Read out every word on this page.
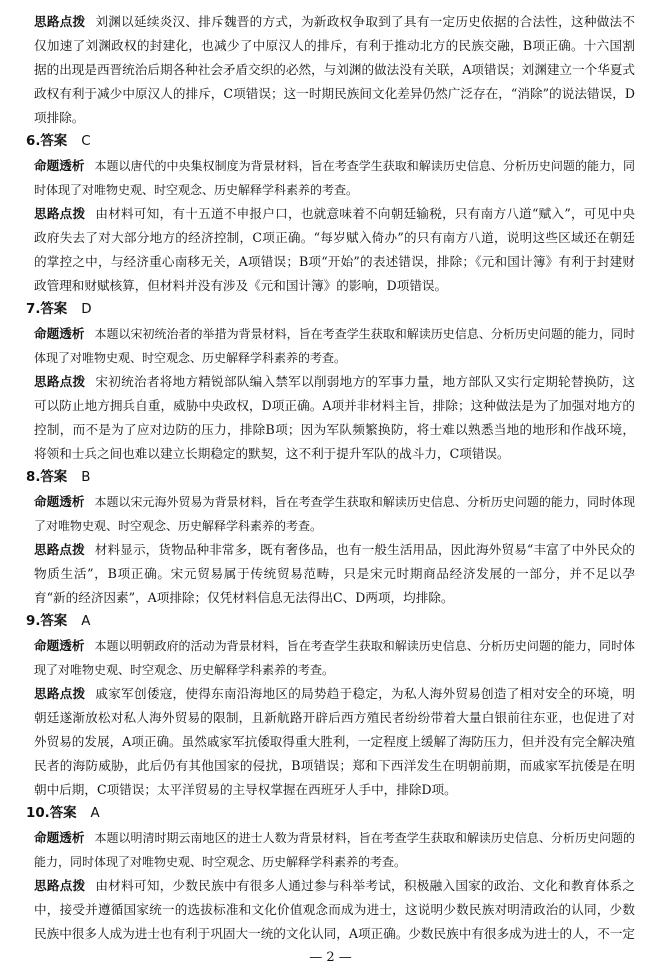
思路点拨 刘渊以延续炎汉、排斥魏晋的方式，为新政权争取到了具有一定历史依据的合法性，这种做法不仅加速了刘渊政权的封建化，也减少了中原汉人的排斥，有利于推动北方的民族交融，B项正确。十六国割据的出现是西晋统治后期各种社会矛盾交织的必然，与刘渊的做法没有关联，A项错误；刘渊建立一个华夏式政权有利于减少中原汉人的排斥，C项错误；这一时期民族间文化差异仍然广泛存在，“消除”的说法错误，D项排除。

6.答案 C

命题透析 本题以唐代的中央集权制度为背景材料，旨在考查学生获取和解读历史信息、分析历史问题的能力，同时体现了对唯物史观、时空观念、历史解释学科素养的考查。

思路点拨 由材料可知，有十五道不申报户口，也就意味着不向朝廷输税，只有南方八道“赋入”，可见中央政府失去了对大部分地方的经济控制，C项正确。“每岁赋入倚办”的只有南方八道，说明这些区域还在朝廷的掌控之中，与经济重心南移无关，A项错误；B项“开始”的表述错误，排除；《元和国计簿》有利于封建财政管理和财赋核算，但材料并没有涉及《元和国计簿》的影响，D项错误。

7.答案 D

命题透析 本题以宋初统治者的举措为背景材料，旨在考查学生获取和解读历史信息、分析历史问题的能力，同时体现了对唯物史观、时空观念、历史解释学科素养的考查。

思路点拨 宋初统治者将地方精锐部队编入禁军以削弱地方的军事力量，地方部队又实行定期轮替换防，这可以防止地方拥兵自重，威胁中央政权，D项正确。A项并非材料主旨，排除；这种做法是为了加强对地方的控制，而不是为了应对边防的压力，排除B项；因为军队频繁换防，将士难以熟悉当地的地形和作战环境，将领和士兵之间也难以建立长期稳定的默契，这不利于提升军队的战斗力，C项错误。

8.答案 B

命题透析 本题以宋元海外贸易为背景材料，旨在考查学生获取和解读历史信息、分析历史问题的能力，同时体现了对唯物史观、时空观念、历史解释学科素养的考查。

思路点拨 材料显示，货物品种非常多，既有奢侈品，也有一般生活用品，因此海外贸易“丰富了中外民众的物质生活”，B项正确。宋元贸易属于传统贸易范畴，只是宋元时期商品经济发展的一部分，并不足以孕育“新的经济因素”，A项排除；仅凭材料信息无法得出C、D两项，均排除。

9.答案 A

命题透析 本题以明朝政府的活动为背景材料，旨在考查学生获取和解读历史信息、分析历史问题的能力，同时体现了对唯物史观、时空观念、历史解释学科素养的考查。

思路点拨 戚家军创倭寇，使得东南沿海地区的局势趋于稳定，为私人海外贸易创造了相对安全的环境，明朝廷遂渐放松对私人海外贸易的限制，且新航路开辟后西方殖民者纷纷带着大量白银前往东亚，也促进了对外贸易的发展，A项正确。虽然戚家军抗倭取得重大胜利，一定程度上缓解了海防压力，但并没有完全解决殖民者的海防威胁，此后仍有其他国家的侵扰，B项错误；郑和下西洋发生在明朝前期，而戚家军抗倭是在明朝中后期，C项错误；太平洋贸易的主导权掌握在西班牙人手中，排除D项。

10.答案 A

命题透析 本题以明清时期云南地区的进士人数为背景材料，旨在考查学生获取和解读历史信息、分析历史问题的能力，同时体现了对唯物史观、时空观念、历史解释学科素养的考查。

思路点拨 由材料可知，少数民族中有很多人通过参与科举考试，积极融入国家的政治、文化和教育体系之中，接受并遵循国家统一的选拔标准和文化价值观念而成为进士，这说明少数民族对明清政治的认同，少数民族中很多人成为进士也有利于巩固大一统的文化认同，A项正确。少数民族中有很多成为进士的人，不一定

— 2 —
